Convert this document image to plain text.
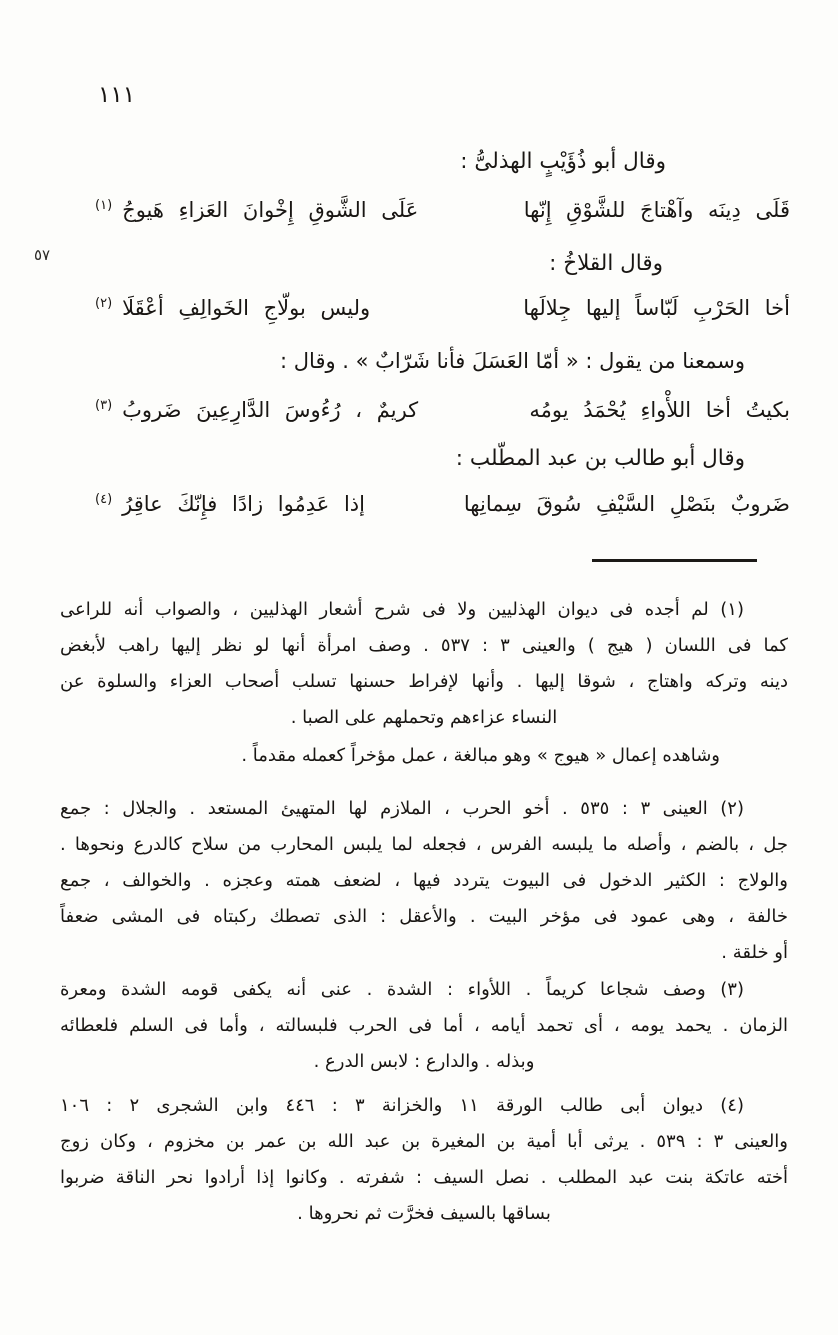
١١١
٥٧
وقال أبو ذُؤَيْبٍ الهذلىُّ :
قَلَى دِينَه وآهْتاجَ للشَّوْقِ إِنّها
عَلَى الشَّوقِ إِخْوانَ العَزاءِ هَيوجُ$^{(١)}$
وقال القلاخُ :
أخا الحَرْبِ لَبّاساً إليها جِلالَها
وليس بولّاجِ الخَوالِفِ أعْقَلَا$^{(٢)}$
وسمعنا من يقول : « أمّا العَسَلَ فأنا شَرّابٌ » . وقال :
بكيتُ أخا اللأْواءِ يُحْمَدُ يومُه
كريمٌ ، رُءُوسَ الدَّارِعِينَ ضَروبُ$^{(٣)}$
وقال أبو طالب بن عبد المطّلب :
ضَروبٌ بنَصْلِ السَّيْفِ سُوقَ سِمانِها
إذا عَدِمُوا زادًا فإِنّكَ عاقِرُ$^{(٤)}$
(١) لم أجده فى ديوان الهذليين ولا فى شرح أشعار الهذليين ، والصواب أنه للراعى
كما فى اللسان ( هيج ) والعينى ٣ : ٥٣٧ . وصف امرأة أنها لو نظر إليها راهب لأبغض
دينه وتركه واهتاج ، شوقا إليها . وأنها لإفراط حسنها تسلب أصحاب العزاء والسلوة عن
النساء عزاءهم وتحملهم على الصبا .
وشاهده إعمال « هيوج » وهو مبالغة ، عمل مؤخراً كعمله مقدماً .
(٢) العينى ٣ : ٥٣٥ . أخو الحرب ، الملازم لها المتهيئ المستعد . والجلال : جمع
جل ، بالضم ، وأصله ما يلبسه الفرس ، فجعله لما يلبس المحارب من سلاح كالدرع ونحوها .
والولاج : الكثير الدخول فى البيوت يتردد فيها ، لضعف همته وعجزه . والخوالف ، جمع
خالفة ، وهى عمود فى مؤخر البيت . والأعقل : الذى تصطك ركبتاه فى المشى ضعفاً
أو خلقة .
(٣) وصف شجاعا كريماً . اللأواء : الشدة . عنى أنه يكفى قومه الشدة ومعرة
الزمان . يحمد يومه ، أى تحمد أيامه ، أما فى الحرب فلبسالته ، وأما فى السلم فلعطائه
وبذله . والدارع : لابس الدرع .
(٤) ديوان أبى طالب الورقة ١١ والخزانة ٣ : ٤٤٦ وابن الشجرى ٢ : ١٠٦
والعينى ٣ : ٥٣٩ . يرثى أبا أمية بن المغيرة بن عبد الله بن عمر بن مخزوم ، وكان زوج
أخته عاتكة بنت عبد المطلب . نصل السيف : شفرته . وكانوا إذا أرادوا نحر الناقة ضربوا
بساقها بالسيف فخرَّت ثم نحروها .
